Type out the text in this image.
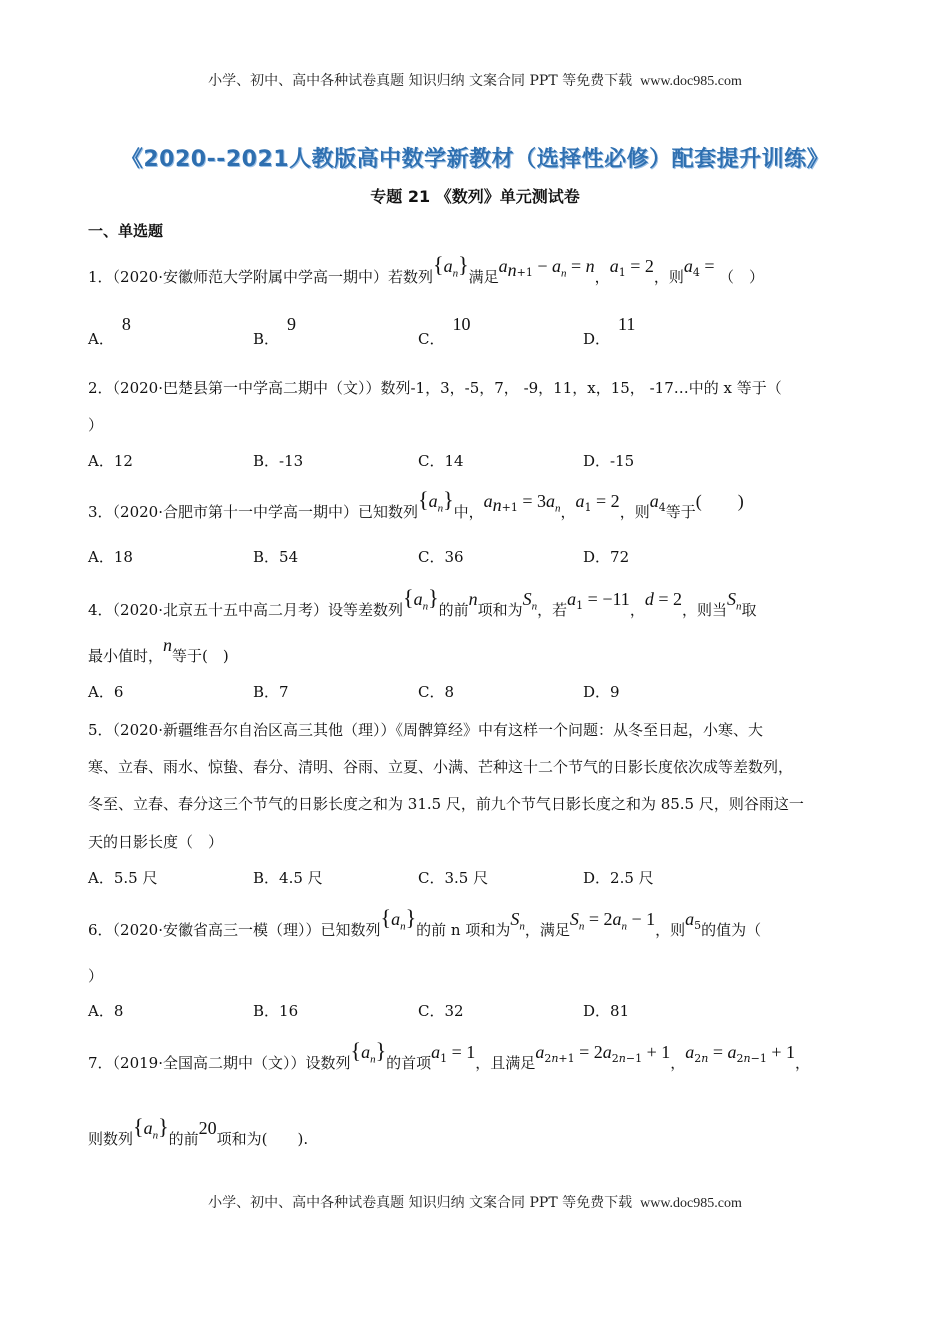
小学、初中、高中各种试卷真题 知识归纳 文案合同 PPT 等免费下载 www.doc985.com
《2020--2021人教版高中数学新教材（选择性必修）配套提升训练》
专题 21 《数列》单元测试卷
一、单选题
1．（2020·安徽师范大学附属中学高一期中）若数列$\{a_n\}$满足$a_{n+1} - a_n = n$，$a_1 = 2$，则$a_4$ = （　）
A．8
B．9
C．10
D．11
2．（2020·巴楚县第一中学高二期中（文））数列-1，3，-5，7， -9，11，x，15， -17…中的 x 等于（
）
A．12	B．-13	C．14	D．-15
3．（2020·合肥市第十一中学高一期中）已知数列$\{a_n\}$中，$a_{n+1} = 3a_n$，$a_1 = 2$，则$a_4$等于(　　)
A．18	B．54	C．36	D．72
4．（2020·北京五十五中高二月考）设等差数列$\{a_n\}$的前n项和为$S_n$，若$a_1 = -11$，d = 2，则当$S_n$取
最小值时，n等于(　)
A．6	B．7	C．8	D．9
5．（2020·新疆维吾尔自治区高三其他（理））《周髀算经》中有这样一个问题：从冬至日起，小寒、大
寒、立春、雨水、惊蛰、春分、清明、谷雨、立夏、小满、芒种这十二个节气的日影长度依次成等差数列，
冬至、立春、春分这三个节气的日影长度之和为 31.5 尺，前九个节气日影长度之和为 85.5 尺，则谷雨这一
天的日影长度（　）
A．5.5 尺	B．4.5 尺	C．3.5 尺	D．2.5 尺
6．（2020·安徽省高三一模（理））已知数列$\{a_n\}$的前 n 项和为$S_n$，满足$S_n = 2a_n - 1$，则$a_5$的值为（
）
A．8	B．16	C．32	D．81
7．（2019·全国高二期中（文））设数列$\{a_n\}$的首项$a_1 = 1$，且满足$a_{2n+1} = 2a_{2n-1} + 1$，$a_{2n} = a_{2n-1} + 1$，
则数列$\{a_n\}$的前20项和为(　　).
小学、初中、高中各种试卷真题 知识归纳 文案合同 PPT 等免费下载 www.doc985.com
